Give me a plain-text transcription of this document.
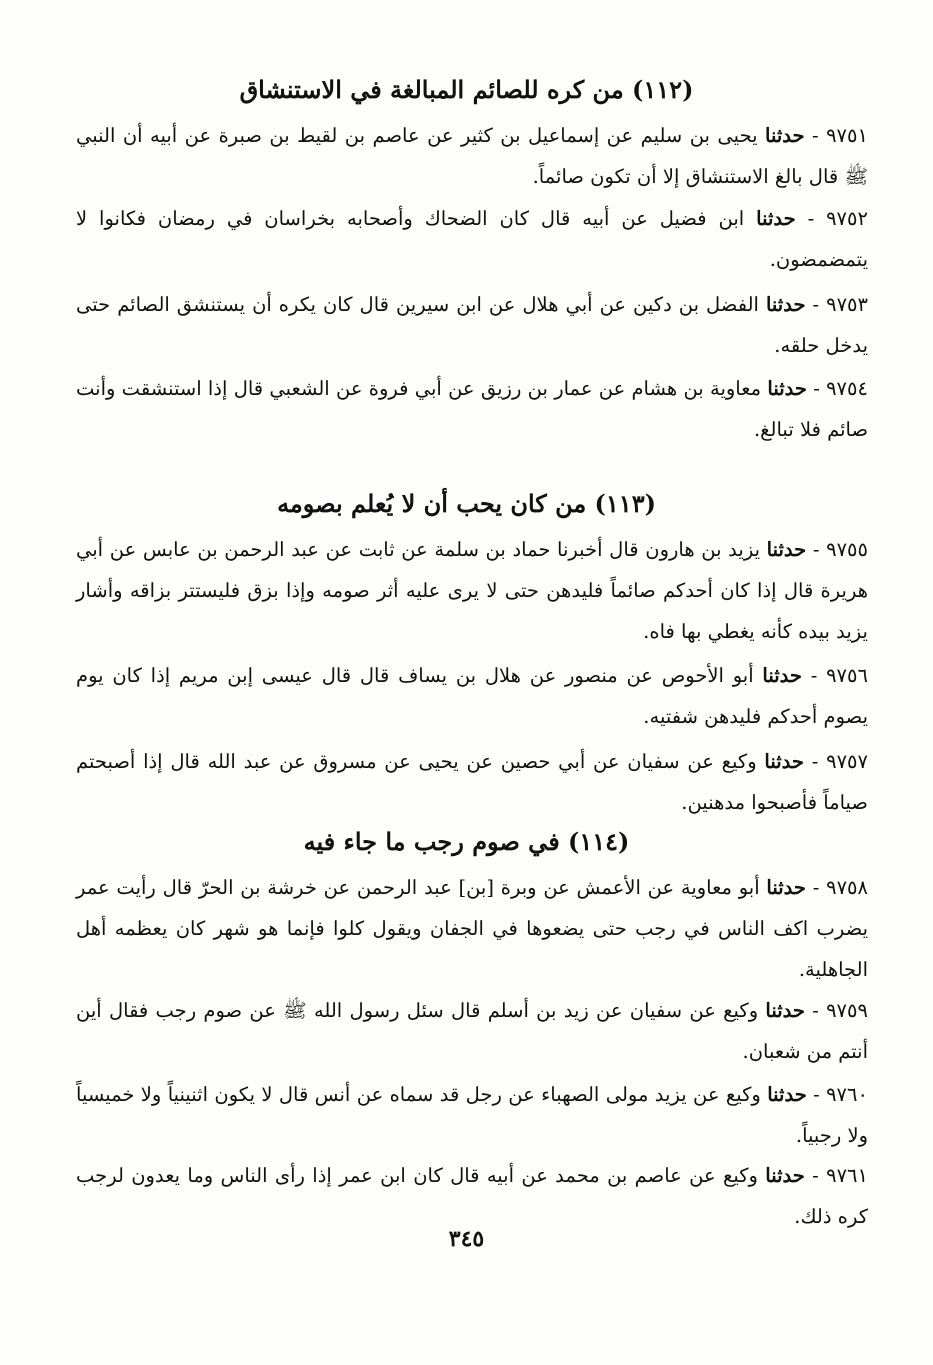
(١١٢) من كره للصائم المبالغة في الاستنشاق
٩٧٥١ - حدثنا يحيى بن سليم عن إسماعيل بن كثير عن عاصم بن لقيط بن صبرة عن أبيه أن النبي ﷺ قال بالغ الاستنشاق إلا أن تكون صائماً.
٩٧٥٢ - حدثنا ابن فضيل عن أبيه قال كان الضحاك وأصحابه بخراسان في رمضان فكانوا لا يتمضمضون.
٩٧٥٣ - حدثنا الفضل بن دكين عن أبي هلال عن ابن سيرين قال كان يكره أن يستنشق الصائم حتى يدخل حلقه.
٩٧٥٤ - حدثنا معاوية بن هشام عن عمار بن رزيق عن أبي فروة عن الشعبي قال إذا استنشقت وأنت صائم فلا تبالغ.
(١١٣) من كان يحب أن لا يُعلم بصومه
٩٧٥٥ - حدثنا يزيد بن هارون قال أخبرنا حماد بن سلمة عن ثابت عن عبد الرحمن بن عابس عن أبي هريرة قال إذا كان أحدكم صائماً فليدهن حتى لا يرى عليه أثر صومه وإذا بزق فليستتر بزاقه وأشار يزيد بيده كأنه يغطي بها فاه.
٩٧٥٦ - حدثنا أبو الأحوص عن منصور عن هلال بن يساف قال قال عيسى إبن مريم إذا كان يوم يصوم أحدكم فليدهن شفتيه.
٩٧٥٧ - حدثنا وكيع عن سفيان عن أبي حصين عن يحيى عن مسروق عن عبد الله قال إذا أصبحتم صياماً فأصبحوا مدهنين.
(١١٤) في صوم رجب ما جاء فيه
٩٧٥٨ - حدثنا أبو معاوية عن الأعمش عن وبرة [بن] عبد الرحمن عن خرشة بن الحرّ قال رأيت عمر يضرب اكف الناس في رجب حتى يضعوها في الجفان ويقول كلوا فإنما هو شهر كان يعظمه أهل الجاهلية.
٩٧٥٩ - حدثنا وكيع عن سفيان عن زيد بن أسلم قال سئل رسول الله ﷺ عن صوم رجب فقال أين أنتم من شعبان.
٩٧٦٠ - حدثنا وكيع عن يزيد مولى الصهباء عن رجل قد سماه عن أنس قال لا يكون اثنينياً ولا خميسياً ولا رجبياً.
٩٧٦١ - حدثنا وكيع عن عاصم بن محمد عن أبيه قال كان ابن عمر إذا رأى الناس وما يعدون لرجب كره ذلك.
٣٤٥
